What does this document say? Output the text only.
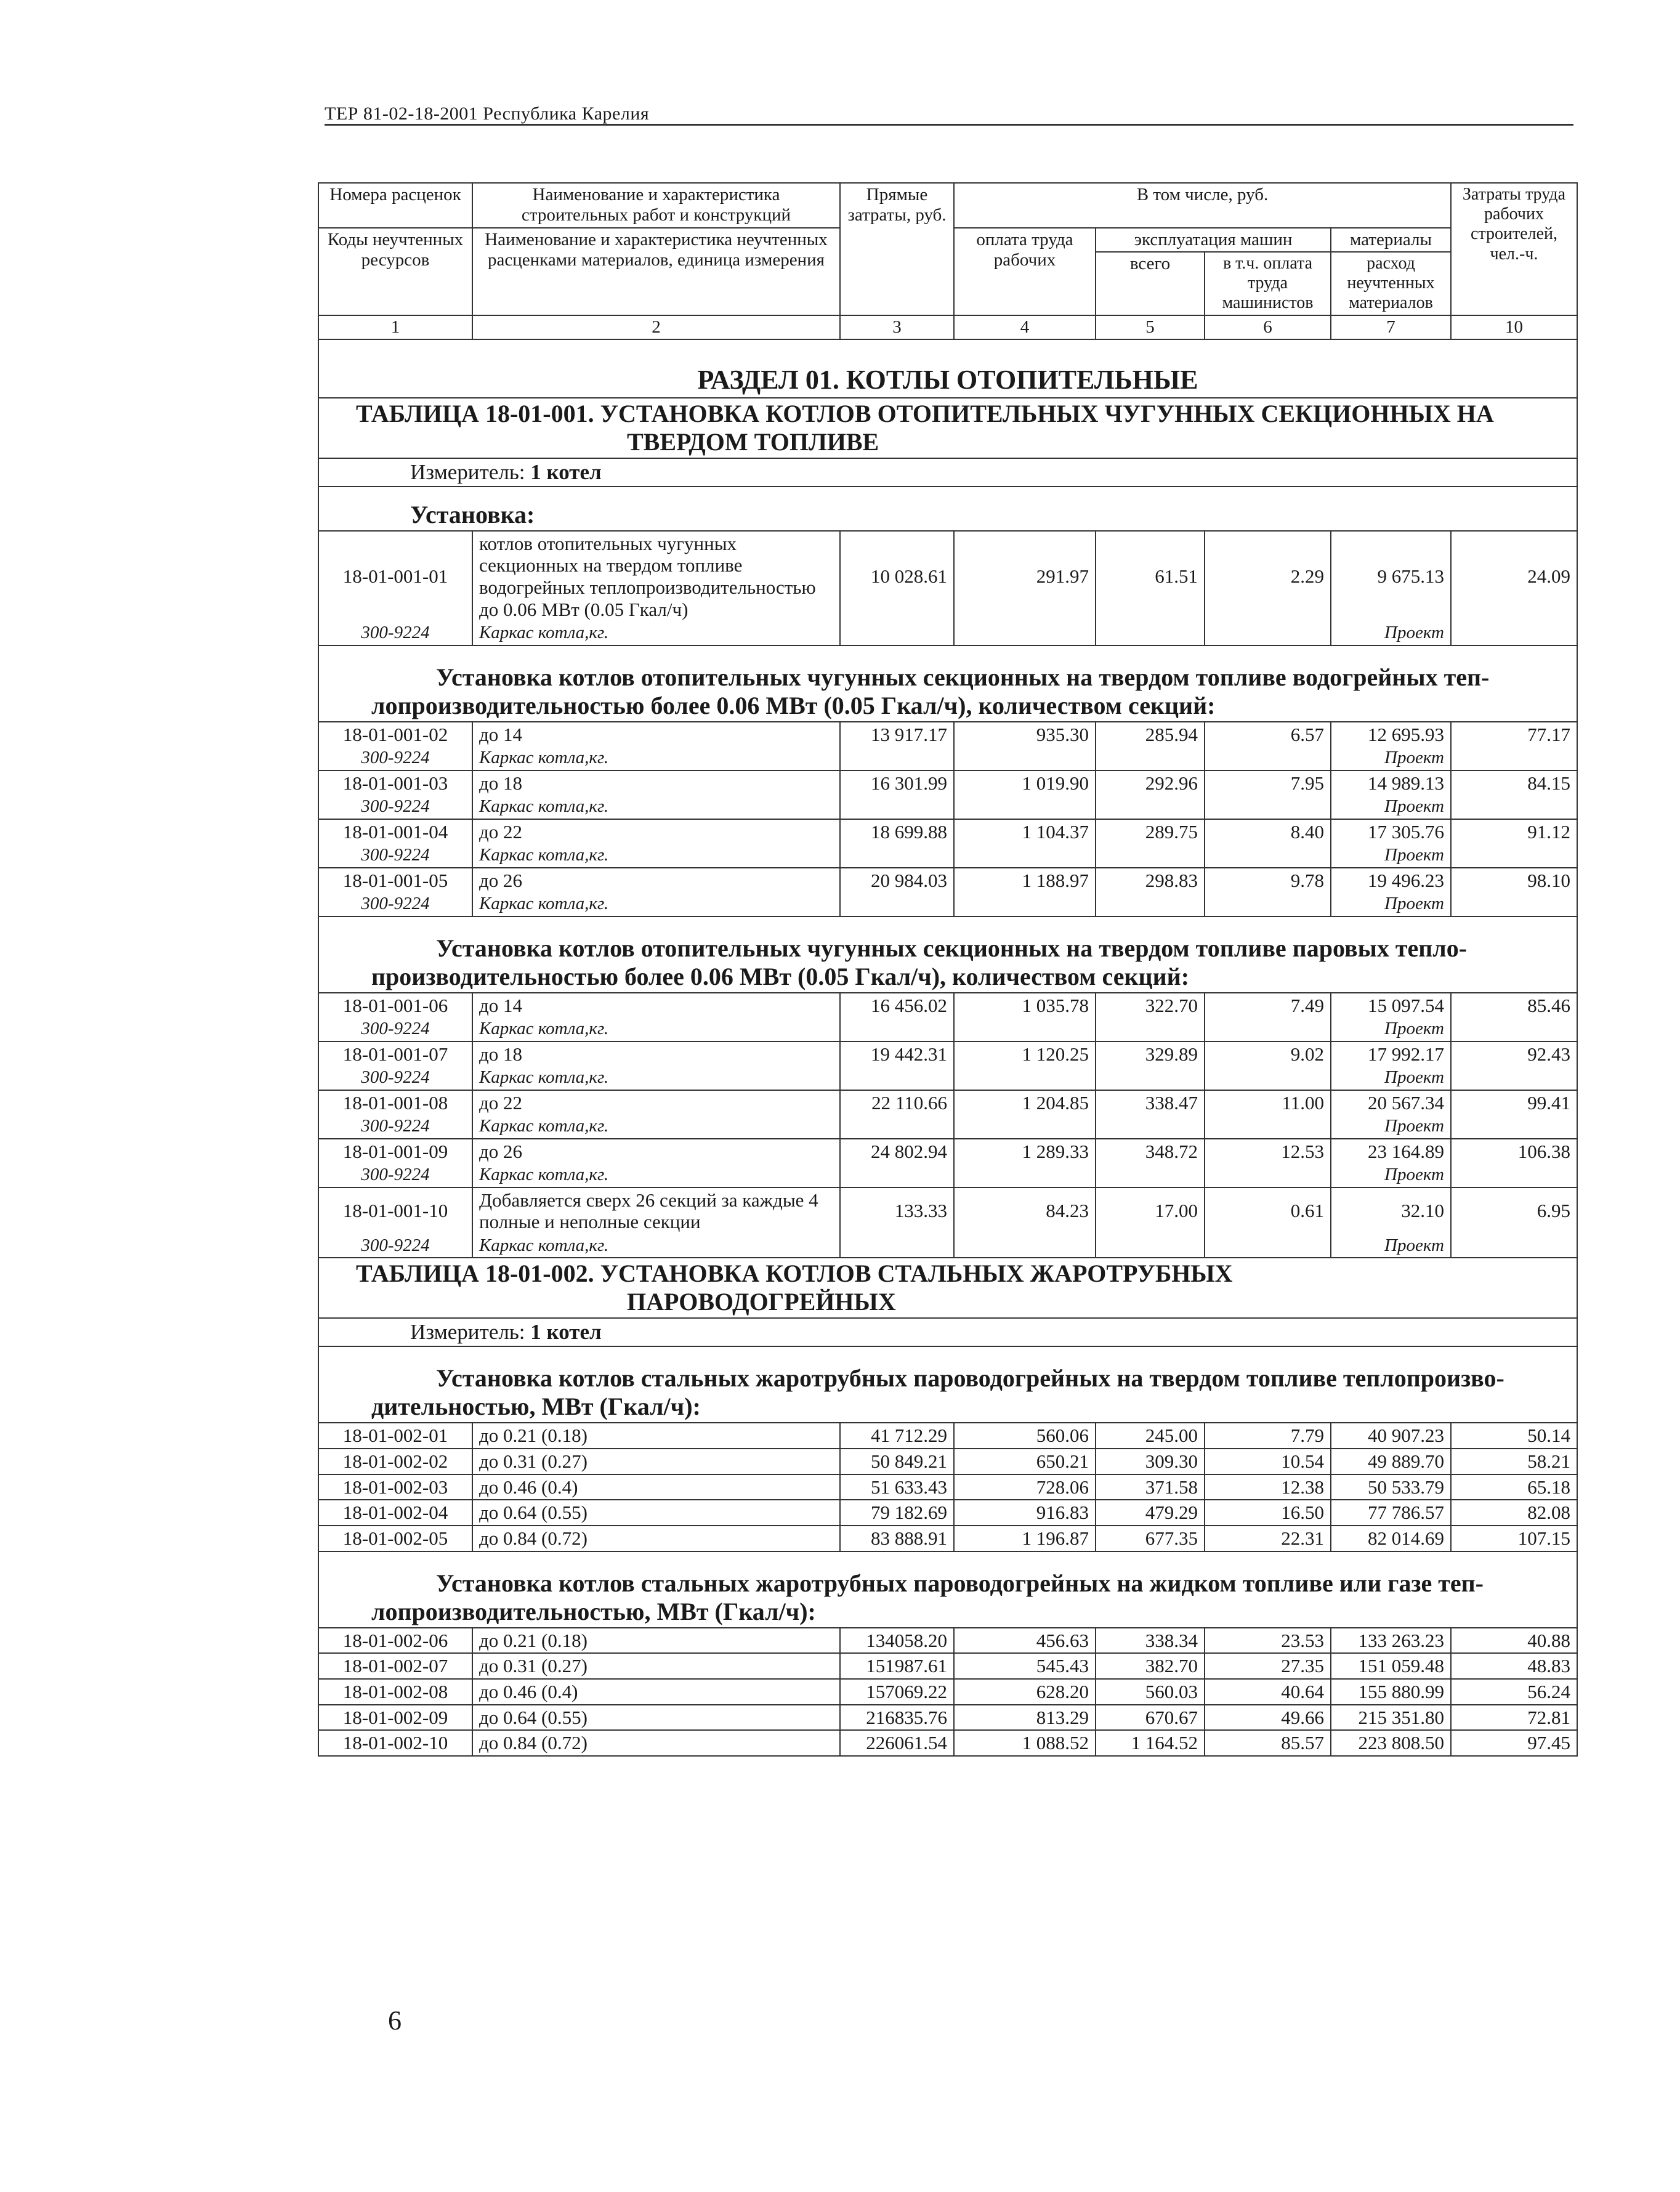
ТЕР 81-02-18-2001 Республика Карелия
Номера расценок	Наименование и характеристика строительных работ и конструкций	Прямые затраты, руб.	В том числе, руб.				Затраты труда рабочих строителей, чел.-ч.
Коды неучтенных ресурсов	Наименование и характеристика неучтенных расценками материалов, единица измерения		оплата труда рабочих	эксплуатация машин		материалы	
				всего	в т.ч. оплата труда машинистов	расход неучтенных материалов	
1	2	3	4	5	6	7	10
РАЗДЕЛ 01. КОТЛЫ ОТОПИТЕЛЬНЫЕ							
ТАБЛИЦА 18-01-001. УСТАНОВКА КОТЛОВ ОТОПИТЕЛЬНЫХ ЧУГУННЫХ СЕКЦИОННЫХ НА
ТВЕРДОМ ТОПЛИВЕ							

Измеритель: 1 котел							
Установка:							
18-01-001-01	котлов отопительных чугунных секционных на твердом топливе водогрейных теплопроизводительностью до 0.06 МВт (0.05 Гкал/ч)	10 028.61	291.97	61.51	2.29	9 675.13	24.09
300-9224	Каркас котла,кг.					Проект	
Установка котлов отопительных чугунных секционных на твердом топливе водогрейных теп-
лопроизводительностью более 0.06 МВт (0.05 Гкал/ч), количеством секций:							

18-01-001-02	до 14	13 917.17	935.30	285.94	6.57	12 695.93	77.17
300-9224	Каркас котла,кг.					Проект	
18-01-001-03	до 18	16 301.99	1 019.90	292.96	7.95	14 989.13	84.15
300-9224	Каркас котла,кг.					Проект	
18-01-001-04	до 22	18 699.88	1 104.37	289.75	8.40	17 305.76	91.12
300-9224	Каркас котла,кг.					Проект	
18-01-001-05	до 26	20 984.03	1 188.97	298.83	9.78	19 496.23	98.10
300-9224	Каркас котла,кг.					Проект	
Установка котлов отопительных чугунных секционных на твердом топливе паровых тепло-
производительностью более 0.06 МВт (0.05 Гкал/ч), количеством секций:							

18-01-001-06	до 14	16 456.02	1 035.78	322.70	7.49	15 097.54	85.46
300-9224	Каркас котла,кг.					Проект	
18-01-001-07	до 18	19 442.31	1 120.25	329.89	9.02	17 992.17	92.43
300-9224	Каркас котла,кг.					Проект	
18-01-001-08	до 22	22 110.66	1 204.85	338.47	11.00	20 567.34	99.41
300-9224	Каркас котла,кг.					Проект	
18-01-001-09	до 26	24 802.94	1 289.33	348.72	12.53	23 164.89	106.38
300-9224	Каркас котла,кг.					Проект	
18-01-001-10	Добавляется сверх 26 секций за каждые 4 полные и неполные секции	133.33	84.23	17.00	0.61	32.10	6.95
300-9224	Каркас котла,кг.					Проект	
ТАБЛИЦА 18-01-002. УСТАНОВКА КОТЛОВ СТАЛЬНЫХ ЖАРОТРУБНЫХ
ПАРОВОДОГРЕЙНЫХ							

Измеритель: 1 котел							
Установка котлов стальных жаротрубных пароводогрейных на твердом топливе теплопроизво-
дительностью, МВт (Гкал/ч):							

18-01-002-01	до 0.21 (0.18)	41 712.29	560.06	245.00	7.79	40 907.23	50.14
18-01-002-02	до 0.31 (0.27)	50 849.21	650.21	309.30	10.54	49 889.70	58.21
18-01-002-03	до 0.46 (0.4)	51 633.43	728.06	371.58	12.38	50 533.79	65.18
18-01-002-04	до 0.64 (0.55)	79 182.69	916.83	479.29	16.50	77 786.57	82.08
18-01-002-05	до 0.84 (0.72)	83 888.91	1 196.87	677.35	22.31	82 014.69	107.15
Установка котлов стальных жаротрубных пароводогрейных на жидком топливе или газе теп-
лопроизводительностью, МВт (Гкал/ч):							

18-01-002-06	до 0.21 (0.18)	134058.20	456.63	338.34	23.53	133 263.23	40.88
18-01-002-07	до 0.31 (0.27)	151987.61	545.43	382.70	27.35	151 059.48	48.83
18-01-002-08	до 0.46 (0.4)	157069.22	628.20	560.03	40.64	155 880.99	56.24
18-01-002-09	до 0.64 (0.55)	216835.76	813.29	670.67	49.66	215 351.80	72.81
18-01-002-10	до 0.84 (0.72)	226061.54	1 088.52	1 164.52	85.57	223 808.50	97.45
6
